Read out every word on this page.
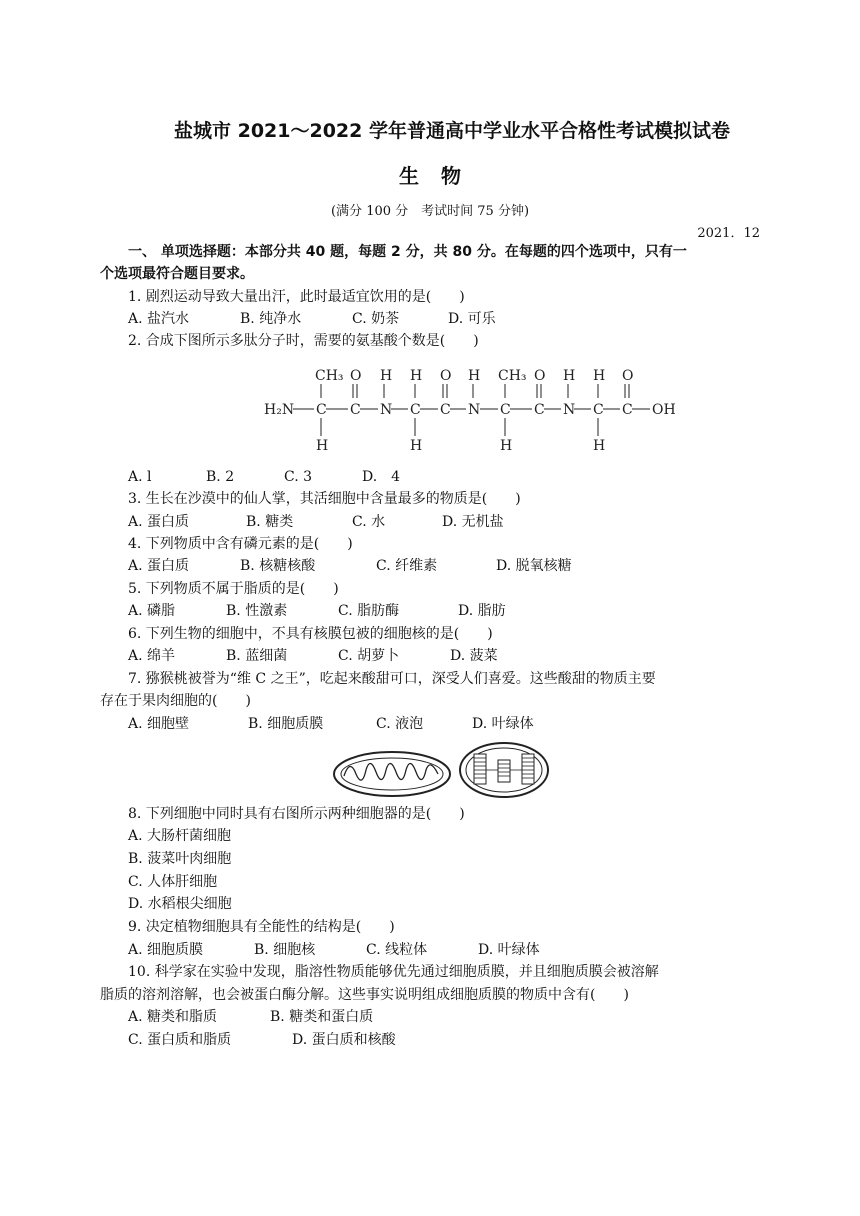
盐城市 2021～2022 学年普通高中学业水平合格性考试模拟试卷
生物
(满分 100 分　考试时间 75 分钟)
2021．12
一、 单项选择题：本部分共 40 题，每题 2 分，共 80 分。在每题的四个选项中，只有一
个选项最符合题目要求。
1. 剧烈运动导致大量出汗，此时最适宜饮用的是(　　)
A. 盐汽水	B. 纯净水	C. 奶茶	D. 可乐
2. 合成下图所示多肽分子时，需要的氨基酸个数是(　　)
CH₃ O H H O H CH₃ O H H O
H₂N C C N C C N C C N C C OH
H	H	H	H
A. l	B. 2	C. 3	D.　4
3. 生长在沙漠中的仙人掌，其活细胞中含量最多的物质是(　　)
A. 蛋白质	B. 糖类	C. 水	D. 无机盐
4. 下列物质中含有磷元素的是(　　)
A. 蛋白质	B. 核糖核酸	C. 纤维素	D. 脱氧核糖
5. 下列物质不属于脂质的是(　　)
A. 磷脂	B. 性激素	C. 脂肪酶	D. 脂肪
6. 下列生物的细胞中，不具有核膜包被的细胞核的是(　　)
A. 绵羊	B. 蓝细菌	C. 胡萝卜	D. 菠菜
7. 猕猴桃被誉为“维 C 之王”，吃起来酸甜可口，深受人们喜爱。这些酸甜的物质主要
存在于果肉细胞的(　　)
A. 细胞壁	B. 细胞质膜	C. 液泡	D. 叶绿体
8. 下列细胞中同时具有右图所示两种细胞器的是(　　)
A. 大肠杆菌细胞
B. 菠菜叶肉细胞
C. 人体肝细胞
D. 水稻根尖细胞
9. 决定植物细胞具有全能性的结构是(　　)
A. 细胞质膜	B. 细胞核	C. 线粒体	D. 叶绿体
10. 科学家在实验中发现，脂溶性物质能够优先通过细胞质膜，并且细胞质膜会被溶解
脂质的溶剂溶解，也会被蛋白酶分解。这些事实说明组成细胞质膜的物质中含有(　　)
A. 糖类和脂质	B. 糖类和蛋白质
C. 蛋白质和脂质	D. 蛋白质和核酸
